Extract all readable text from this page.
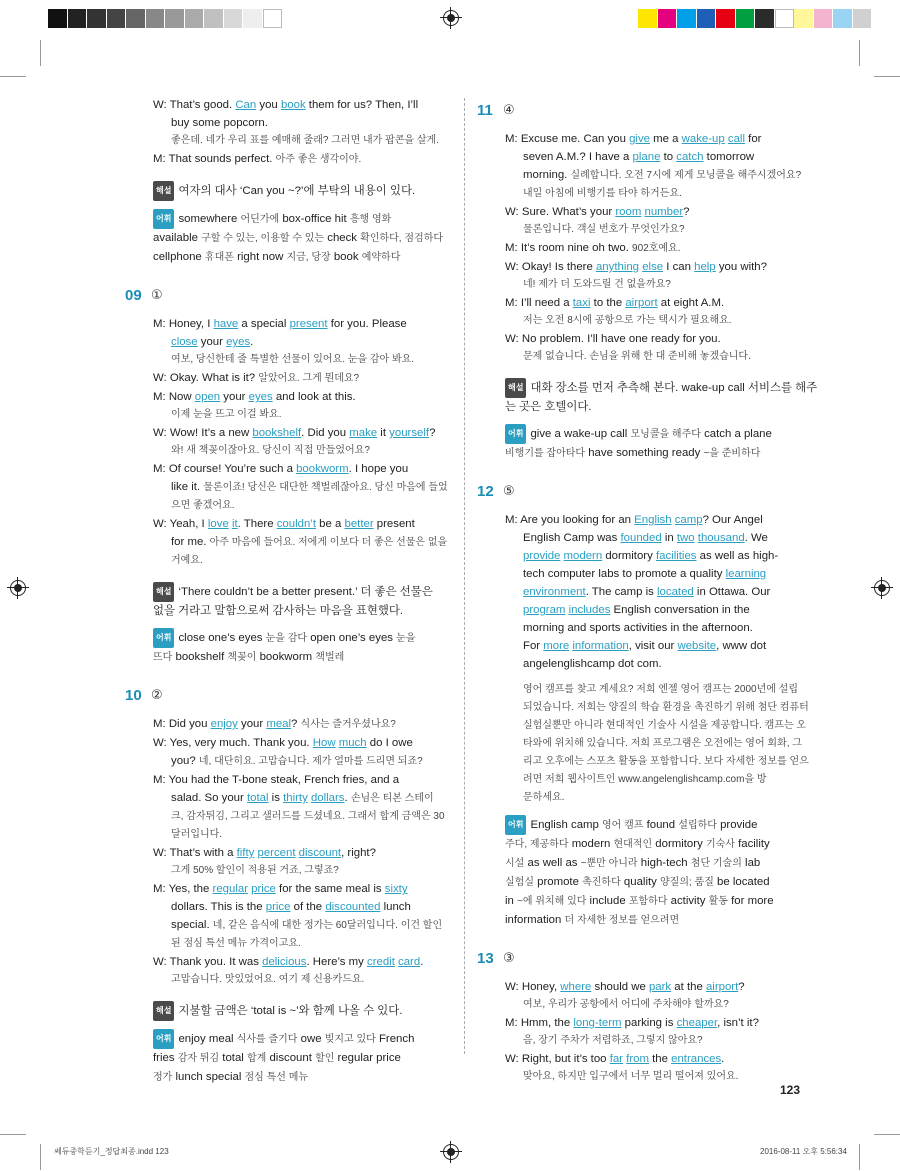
W: That’s good. Can you book them for us? Then, I’ll
buy some popcorn.
좋은데. 네가 우리 표를 예매해 줄래? 그러면 내가 팝콘을 살게.
M: That sounds perfect. 아주 좋은 생각이야.
해설 여자의 대사 ‘Can you ~?’에 부탁의 내용이 있다.
어휘 somewhere 어딘가에 box-office hit 흥행 영화
available 구할 수 있는, 이용할 수 있는 check 확인하다, 점검하다
cellphone 휴대폰 right now 지금, 당장 book 예약하다
09 ①
M: Honey, I have a special present for you. Please
close your eyes.
여보, 당신한테 줄 특별한 선물이 있어요. 눈을 감아 봐요.
W: Okay. What is it? 알았어요. 그게 뭔데요?
M: Now open your eyes and look at this.
이제 눈을 뜨고 이걸 봐요.
W: Wow! It’s a new bookshelf. Did you make it yourself?
와! 새 책꽂이잖아요. 당신이 직접 만들었어요?
M: Of course! You’re such a bookworm. I hope you
like it. 물론이죠! 당신은 대단한 책벌레잖아요. 당신 마음에 들었
으면 좋겠어요.
W: Yeah, I love it. There couldn’t be a better present
for me. 아주 마음에 들어요. 저에게 이보다 더 좋은 선물은 없을
거예요.
해설 ‘There couldn’t be a better present.’ 더 좋은 선물은
없을 거라고 말함으로써 감사하는 마음을 표현했다.
어휘 close one’s eyes 눈을 감다 open one’s eyes 눈을
뜨다 bookshelf 책꽂이 bookworm 책벌레
10 ②
M: Did you enjoy your meal? 식사는 즐거우셨나요?
W: Yes, very much. Thank you. How much do I owe
you? 네, 대단히요. 고맙습니다. 제가 얼마를 드리면 되죠?
M: You had the T-bone steak, French fries, and a
salad. So your total is thirty dollars. 손님은 티본 스테이
크, 감자튀김, 그리고 샐러드를 드셨네요. 그래서 합계 금액은 30
달러입니다.
W: That’s with a fifty percent discount, right?
그게 50% 할인이 적용된 거죠, 그렇죠?
M: Yes, the regular price for the same meal is sixty
dollars. This is the price of the discounted lunch
special. 네, 같은 음식에 대한 정가는 60달러입니다. 이건 할인
된 점심 특선 메뉴 가격이고요.
W: Thank you. It was delicious. Here’s my credit card.
고맙습니다. 맛있었어요. 여기 제 신용카드요.
해설 지불할 금액은 ‘total is ~’와 함께 나올 수 있다.
어휘 enjoy meal 식사를 즐기다 owe 빚지고 있다 French
fries 감자 튀김 total 합계 discount 할인 regular price
정가 lunch special 점심 특선 메뉴
11 ④
M: Excuse me. Can you give me a wake-up call for
seven A.M.? I have a plane to catch tomorrow
morning. 실례합니다. 오전 7시에 제게 모닝콜을 해주시겠어요?
내일 아침에 비행기를 타야 하거든요.
W: Sure. What’s your room number?
물론입니다. 객실 번호가 무엇인가요?
M: It’s room nine oh two. 902호예요.
W: Okay! Is there anything else I can help you with?
네! 제가 더 도와드릴 건 없을까요?
M: I’ll need a taxi to the airport at eight A.M.
저는 오전 8시에 공항으로 가는 택시가 필요해요.
W: No problem. I’ll have one ready for you.
문제 없습니다. 손님을 위해 한 대 준비해 놓겠습니다.
해설 대화 장소를 먼저 추측해 본다. wake-up call 서비스를 해주
는 곳은 호텔이다.
어휘 give a wake-up call 모닝콜을 해주다 catch a plane
비행기를 잡아타다 have something ready ~을 준비하다
12 ⑤
M: Are you looking for an English camp? Our Angel
English Camp was founded in two thousand. We
provide modern dormitory facilities as well as high-
tech computer labs to promote a quality learning
environment. The camp is located in Ottawa. Our
program includes English conversation in the
morning and sports activities in the afternoon.
For more information, visit our website, www dot
angelenglishcamp dot com.
영어 캠프를 찾고 계세요? 저희 엔젤 영어 캠프는 2000년에 설립
되었습니다. 저희는 양질의 학습 환경을 촉진하기 위해 첨단 컴퓨터
실험실뿐만 아니라 현대적인 기술사 시설을 제공합니다. 캠프는 오
타와에 위치해 있습니다. 저희 프로그램은 오전에는 영어 회화, 그
리고 오후에는 스포츠 활동을 포함합니다. 보다 자세한 정보를 얻으
려면 저희 웹사이트인 www.angelenglishcamp.com을 방
문하세요.
어휘 English camp 영어 캠프 found 설립하다 provide
주다, 제공하다 modern 현대적인 dormitory 기숙사 facility
시설 as well as ~뿐만 아니라 high-tech 첨단 기술의 lab
실험실 promote 촉진하다 quality 양질의; 품질 be located
in ~에 위치해 있다 include 포함하다 activity 활동 for more
information 더 자세한 정보를 얻으려면
13 ③
W: Honey, where should we park at the airport?
여보, 우리가 공항에서 어디에 주차해야 할까요?
M: Hmm, the long-term parking is cheaper, isn’t it?
음, 장기 주차가 저렴하죠, 그렇지 않아요?
W: Right, but it’s too far from the entrances.
맞아요, 하지만 입구에서 너무 멀리 떨어져 있어요.
123
쎄듀중학듣기_정답최종.indd 123	2016-08-11 오후 5:56:34
